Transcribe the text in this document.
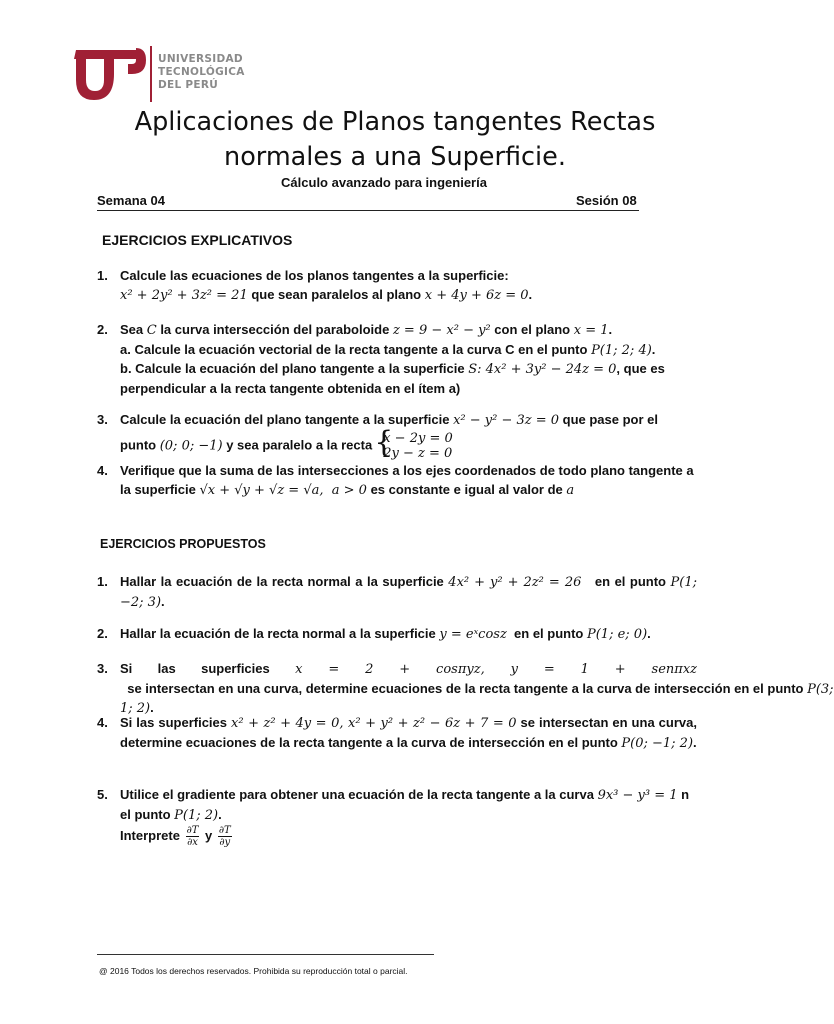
UNIVERSIDAD
TECNOLÓGICA
DEL PERÚ
Aplicaciones de Planos tangentes Rectas
normales a una Superficie.
Cálculo avanzado para ingeniería
Semana 04	Sesión 08
EJERCICIOS EXPLICATIVOS
1. Calcule las ecuaciones de los planos tangentes a la superficie:
x² + 2y² + 3z² = 21 que sean paralelos al plano x + 4y + 6z = 0.
2. Sea C la curva intersección del paraboloide z = 9 − x² − y² con el plano x = 1.
a. Calcule la ecuación vectorial de la recta tangente a la curva C en el punto P(1; 2; 4).
b. Calcule la ecuación del plano tangente a la superficie S: 4x² + 3y² − 24z = 0, que es perpendicular a la recta tangente obtenida en el ítem a)
3. Calcule la ecuación del plano tangente a la superficie x² − y² − 3z = 0 que pase por el punto (0; 0; −1) y sea paralelo a la recta {
x − 2y = 0
2y − z = 0
4. Verifique que la suma de las intersecciones a los ejes coordenados de todo plano tangente a la superficie √x + √y + √z = √a,  a > 0 es constante e igual al valor de a
EJERCICIOS PROPUESTOS
1. Hallar la ecuación de la recta normal a la superficie 4x² + y² + 2z² = 26   en el punto P(1; −2; 3).
2. Hallar la ecuación de la recta normal a la superficie y = eˣcosz  en el punto P(1; e; 0).
3. Si las superficies x = 2 + cosπyz, y = 1 + senπxz  se intersectan en una curva, determine ecuaciones de la recta tangente a la curva de intersección en el punto P(3; 1; 2).
4. Si las superficies x² + z² + 4y = 0, x² + y² + z² − 6z + 7 = 0 se intersectan en una curva, determine ecuaciones de la recta tangente a la curva de intersección en el punto P(0; −1; 2).
5. Utilice el gradiente para obtener una ecuación de la recta tangente a la curva 9x³ − y³ = 1 n el punto P(1; 2).
Interprete $\frac{\partial T}{\partial x}$ y $\frac{\partial T}{\partial y}$
@ 2016 Todos los derechos reservados. Prohibida su reproducción total o parcial.
